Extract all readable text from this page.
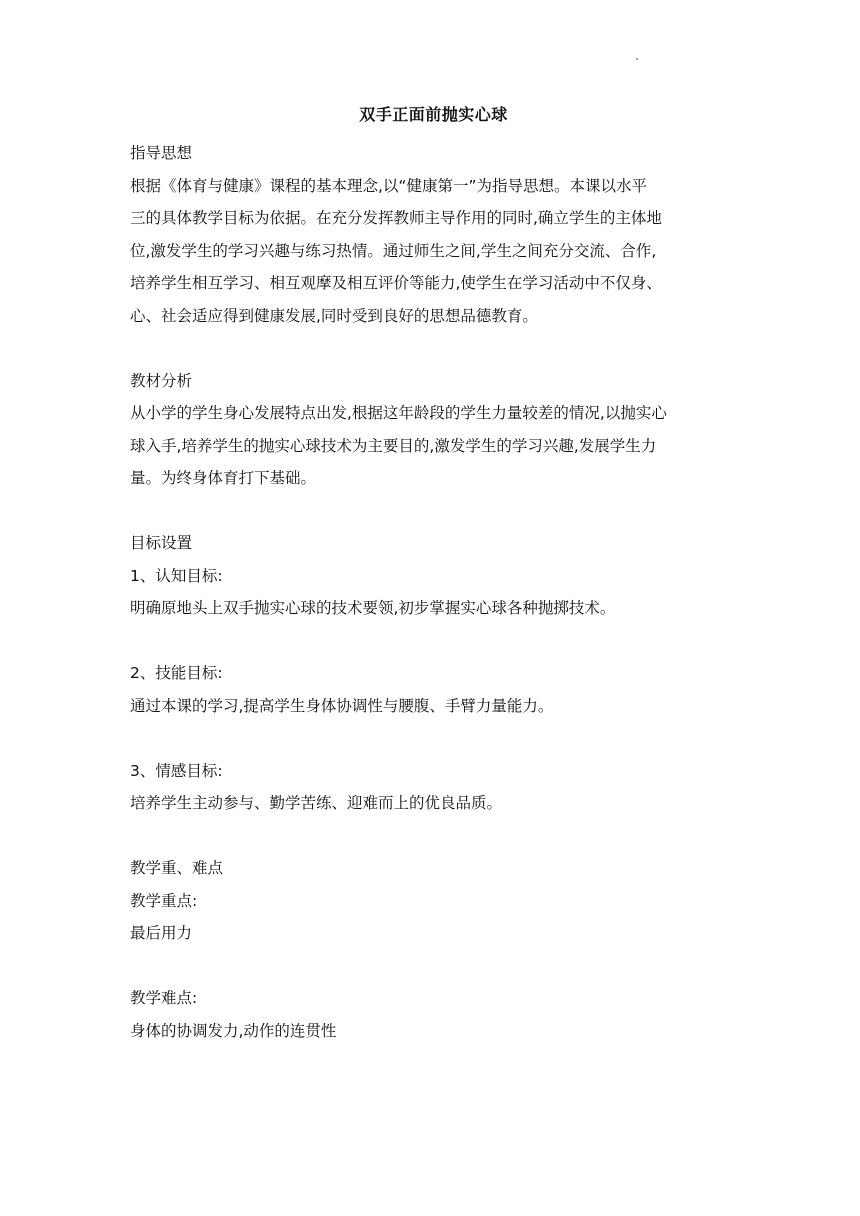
双手正面前抛实心球
指导思想
根据《体育与健康》课程的基本理念,以“健康第一”为指导思想。本课以水平
三的具体教学目标为依据。在充分发挥教师主导作用的同时,确立学生的主体地
位,激发学生的学习兴趣与练习热情。通过师生之间,学生之间充分交流、合作,
培养学生相互学习、相互观摩及相互评价等能力,使学生在学习活动中不仅身、
心、社会适应得到健康发展,同时受到良好的思想品德教育。
教材分析
从小学的学生身心发展特点出发,根据这年龄段的学生力量较差的情况,以抛实心
球入手,培养学生的抛实心球技术为主要目的,激发学生的学习兴趣,发展学生力
量。为终身体育打下基础。
目标设置
1、认知目标:
明确原地头上双手抛实心球的技术要领,初步掌握实心球各种抛掷技术。
2、技能目标:
通过本课的学习,提高学生身体协调性与腰腹、手臂力量能力。
3、情感目标:
培养学生主动参与、勤学苦练、迎难而上的优良品质。
教学重、难点
教学重点:
最后用力
教学难点:
身体的协调发力,动作的连贯性
